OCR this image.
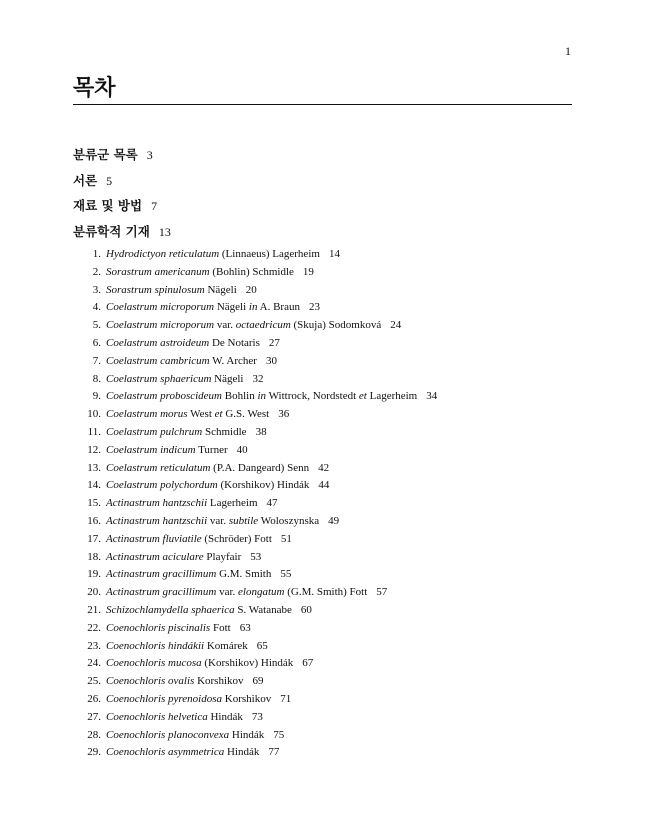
1
목차
분류군 목록 3
서론 5
재료 및 방법 7
분류학적 기재 13
1. Hydrodictyon reticulatum (Linnaeus) Lagerheim 14
2. Sorastrum americanum (Bohlin) Schmidle 19
3. Sorastrum spinulosum Nägeli 20
4. Coelastrum microporum Nägeli in A. Braun 23
5. Coelastrum microporum var. octaedricum (Skuja) Sodomková 24
6. Coelastrum astroideum De Notaris 27
7. Coelastrum cambricum W. Archer 30
8. Coelastrum sphaericum Nägeli 32
9. Coelastrum proboscideum Bohlin in Wittrock, Nordstedt et Lagerheim 34
10. Coelastrum morus West et G.S. West 36
11. Coelastrum pulchrum Schmidle 38
12. Coelastrum indicum Turner 40
13. Coelastrum reticulatum (P.A. Dangeard) Senn 42
14. Coelastrum polychordum (Korshikov) Hindák 44
15. Actinastrum hantzschii Lagerheim 47
16. Actinastrum hantzschii var. subtile Woloszynska 49
17. Actinastrum fluviatile (Schröder) Fott 51
18. Actinastrum aciculare Playfair 53
19. Actinastrum gracillimum G.M. Smith 55
20. Actinastrum gracillimum var. elongatum (G.M. Smith) Fott 57
21. Schizochlamydella sphaerica S. Watanabe 60
22. Coenochloris piscinalis Fott 63
23. Coenochloris hindákii Komárek 65
24. Coenochloris mucosa (Korshikov) Hindák 67
25. Coenochloris ovalis Korshikov 69
26. Coenochloris pyrenoidosa Korshikov 71
27. Coenochloris helvetica Hindák 73
28. Coenochloris planoconvexa Hindák 75
29. Coenochloris asymmetrica Hindák 77
